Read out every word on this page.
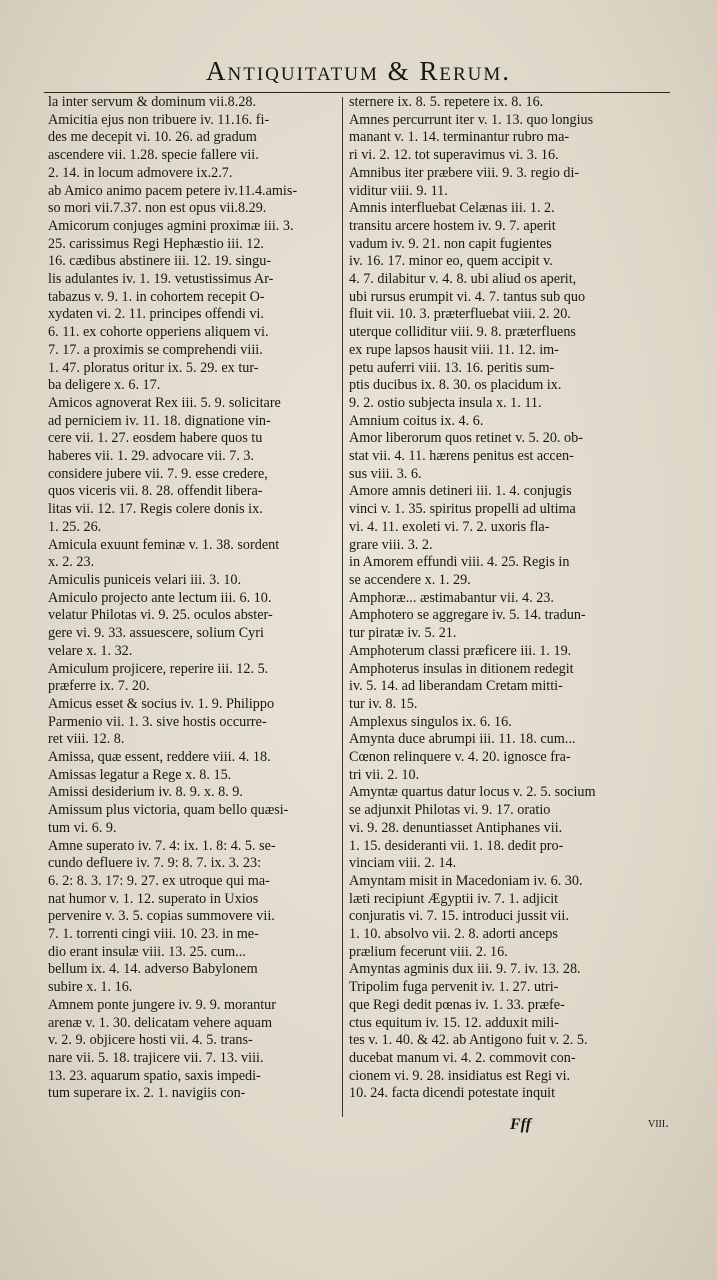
Antiquitatum & Rerum.
la inter servum & dominum vii.8.28.
Amicitia ejus non tribuere iv. 11.16. fi-
des me decepit vi. 10. 26. ad gradum
ascendere vii. 1.28. specie fallere vii.
2. 14. in locum admovere ix.2.7.
ab Amico animo pacem petere iv.11.4.amis-
so mori vii.7.37. non est opus vii.8.29.
Amicorum conjuges agmini proximæ iii. 3.
25. carissimus Regi Hephæstio iii. 12.
16. cædibus abstinere iii. 12. 19. singu-
lis adulantes iv. 1. 19. vetustissimus Ar-
tabazus v. 9. 1. in cohortem recepit O-
xydaten vi. 2. 11. principes offendi vi.
6. 11. ex cohorte opperiens aliquem vi.
7. 17. a proximis se comprehendi viii.
1. 47. ploratus oritur ix. 5. 29. ex tur-
ba deligere x. 6. 17.
Amicos agnoverat Rex iii. 5. 9. solicitare
ad perniciem iv. 11. 18. dignatione vin-
cere vii. 1. 27. eosdem habere quos tu
haberes vii. 1. 29. advocare vii. 7. 3.
considere jubere vii. 7. 9. esse credere,
quos viceris vii. 8. 28. offendit libera-
litas vii. 12. 17. Regis colere donis ix.
1. 25. 26.
Amicula exuunt feminæ v. 1. 38. sordent
x. 2. 23.
Amiculis puniceis velari iii. 3. 10.
Amiculo projecto ante lectum iii. 6. 10.
velatur Philotas vi. 9. 25. oculos abster-
gere vi. 9. 33. assuescere, solium Cyri
velare x. 1. 32.
Amiculum projicere, reperire iii. 12. 5.
præferre ix. 7. 20.
Amicus esset & socius iv. 1. 9. Philippo
Parmenio vii. 1. 3. sive hostis occurre-
ret viii. 12. 8.
Amissa, quæ essent, reddere viii. 4. 18.
Amissas legatur a Rege x. 8. 15.
Amissi desiderium iv. 8. 9. x. 8. 9.
Amissum plus victoria, quam bello quæsi-
tum vi. 6. 9.
Amne superato iv. 7. 4: ix. 1. 8: 4. 5. se-
cundo defluere iv. 7. 9: 8. 7. ix. 3. 23:
6. 2: 8. 3. 17: 9. 27. ex utroque qui ma-
nat humor v. 1. 12. superato in Uxios
pervenire v. 3. 5. copias summovere vii.
7. 1. torrenti cingi viii. 10. 23. in me-
dio erant insulæ viii. 13. 25. cum...
bellum ix. 4. 14. adverso Babylonem
subire x. 1. 16.
Amnem ponte jungere iv. 9. 9. morantur
arenæ v. 1. 30. delicatam vehere aquam
v. 2. 9. objicere hosti vii. 4. 5. trans-
nare vii. 5. 18. trajicere vii. 7. 13. viii.
13. 23. aquarum spatio, saxis impedi-
tum superare ix. 2. 1. navigiis con-
sternere ix. 8. 5. repetere ix. 8. 16.
Amnes percurrunt iter v. 1. 13. quo longius
manant v. 1. 14. terminantur rubro ma-
ri vi. 2. 12. tot superavimus vi. 3. 16.
Amnibus iter præbere viii. 9. 3. regio di-
viditur viii. 9. 11.
Amnis interfluebat Celænas iii. 1. 2.
transitu arcere hostem iv. 9. 7. aperit
vadum iv. 9. 21. non capit fugientes
iv. 16. 17. minor eo, quem accipit v.
4. 7. dilabitur v. 4. 8. ubi aliud os aperit,
ubi rursus erumpit vi. 4. 7. tantus sub quo
fluit vii. 10. 3. præterfluebat viii. 2. 20.
uterque colliditur viii. 9. 8. præterfluens
ex rupe lapsos hausit viii. 11. 12. im-
petu auferri viii. 13. 16. peritis sum-
ptis ducibus ix. 8. 30. os placidum ix.
9. 2. ostio subjecta insula x. 1. 11.
Amnium coitus ix. 4. 6.
Amor liberorum quos retinet v. 5. 20. ob-
stat vii. 4. 11. hærens penitus est accen-
sus viii. 3. 6.
Amore amnis detineri iii. 1. 4. conjugis
vinci v. 1. 35. spiritus propelli ad ultima
vi. 4. 11. exoleti vi. 7. 2. uxoris fla-
grare viii. 3. 2.
in Amorem effundi viii. 4. 25. Regis in
se accendere x. 1. 29.
Amphoræ... æstimabantur vii. 4. 23.
Amphotero se aggregare iv. 5. 14. tradun-
tur piratæ iv. 5. 21.
Amphoterum classi præficere iii. 1. 19.
Amphoterus insulas in ditionem redegit
iv. 5. 14. ad liberandam Cretam mitti-
tur iv. 8. 15.
Amplexus singulos ix. 6. 16.
Amynta duce abrumpi iii. 11. 18. cum...
Cœnon relinquere v. 4. 20. ignosce fra-
tri vii. 2. 10.
Amyntæ quartus datur locus v. 2. 5. socium
se adjunxit Philotas vi. 9. 17. oratio
vi. 9. 28. denuntiasset Antiphanes vii.
1. 15. desideranti vii. 1. 18. dedit pro-
vinciam viii. 2. 14.
Amyntam misit in Macedoniam iv. 6. 30.
læti recipiunt Ægyptii iv. 7. 1. adjicit
conjuratis vi. 7. 15. introduci jussit vii.
1. 10. absolvo vii. 2. 8. adorti anceps
prælium fecerunt viii. 2. 16.
Amyntas agminis dux iii. 9. 7. iv. 13. 28.
Tripolim fuga pervenit iv. 1. 27. utri-
que Regi dedit pœnas iv. 1. 33. præfe-
ctus equitum iv. 15. 12. adduxit mili-
tes v. 1. 40. & 42. ab Antigono fuit v. 2. 5.
ducebat manum vi. 4. 2. commovit con-
cionem vi. 9. 28. insidiatus est Regi vi.
10. 24. facta dicendi potestate inquit
Fff	viii.
